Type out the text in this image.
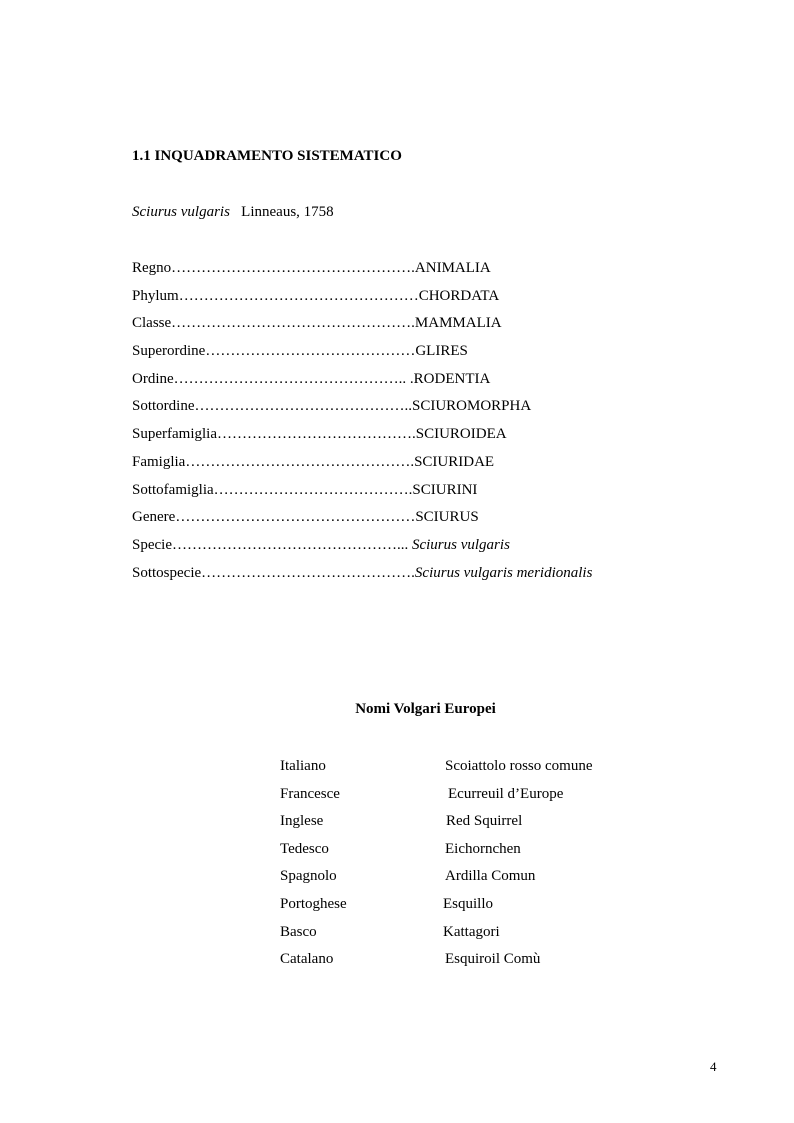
1.1 INQUADRAMENTO SISTEMATICO
Sciurus vulgaris Linneaus, 1758
Regno………………………………………….ANIMALIA
Phylum…………………………………………CHORDATA
Classe………………………………………….MAMMALIA
Superordine……………………………………GLIRES
Ordine……………………………………….. .RODENTIA
Sottordine……………………………………..SCIUROMORPHA
Superfamiglia………………………………….SCIUROIDEA
Famiglia……………………………………….SCIURIDAE
Sottofamiglia………………………………….SCIURINI
Genere…………………………………………SCIURUS
Specie………………………………………... Sciurus vulgaris
Sottospecie…………………………………….Sciurus vulgaris meridionalis
Nomi Volgari Europei
Italiano	Scoiattolo rosso comune
Francesce	Ecurreuil d’Europe
Inglese	Red Squirrel
Tedesco	Eichornchen
Spagnolo	Ardilla Comun
Portoghese	Esquillo
Basco	Kattagori
Catalano	Esquiroil Comù
4
